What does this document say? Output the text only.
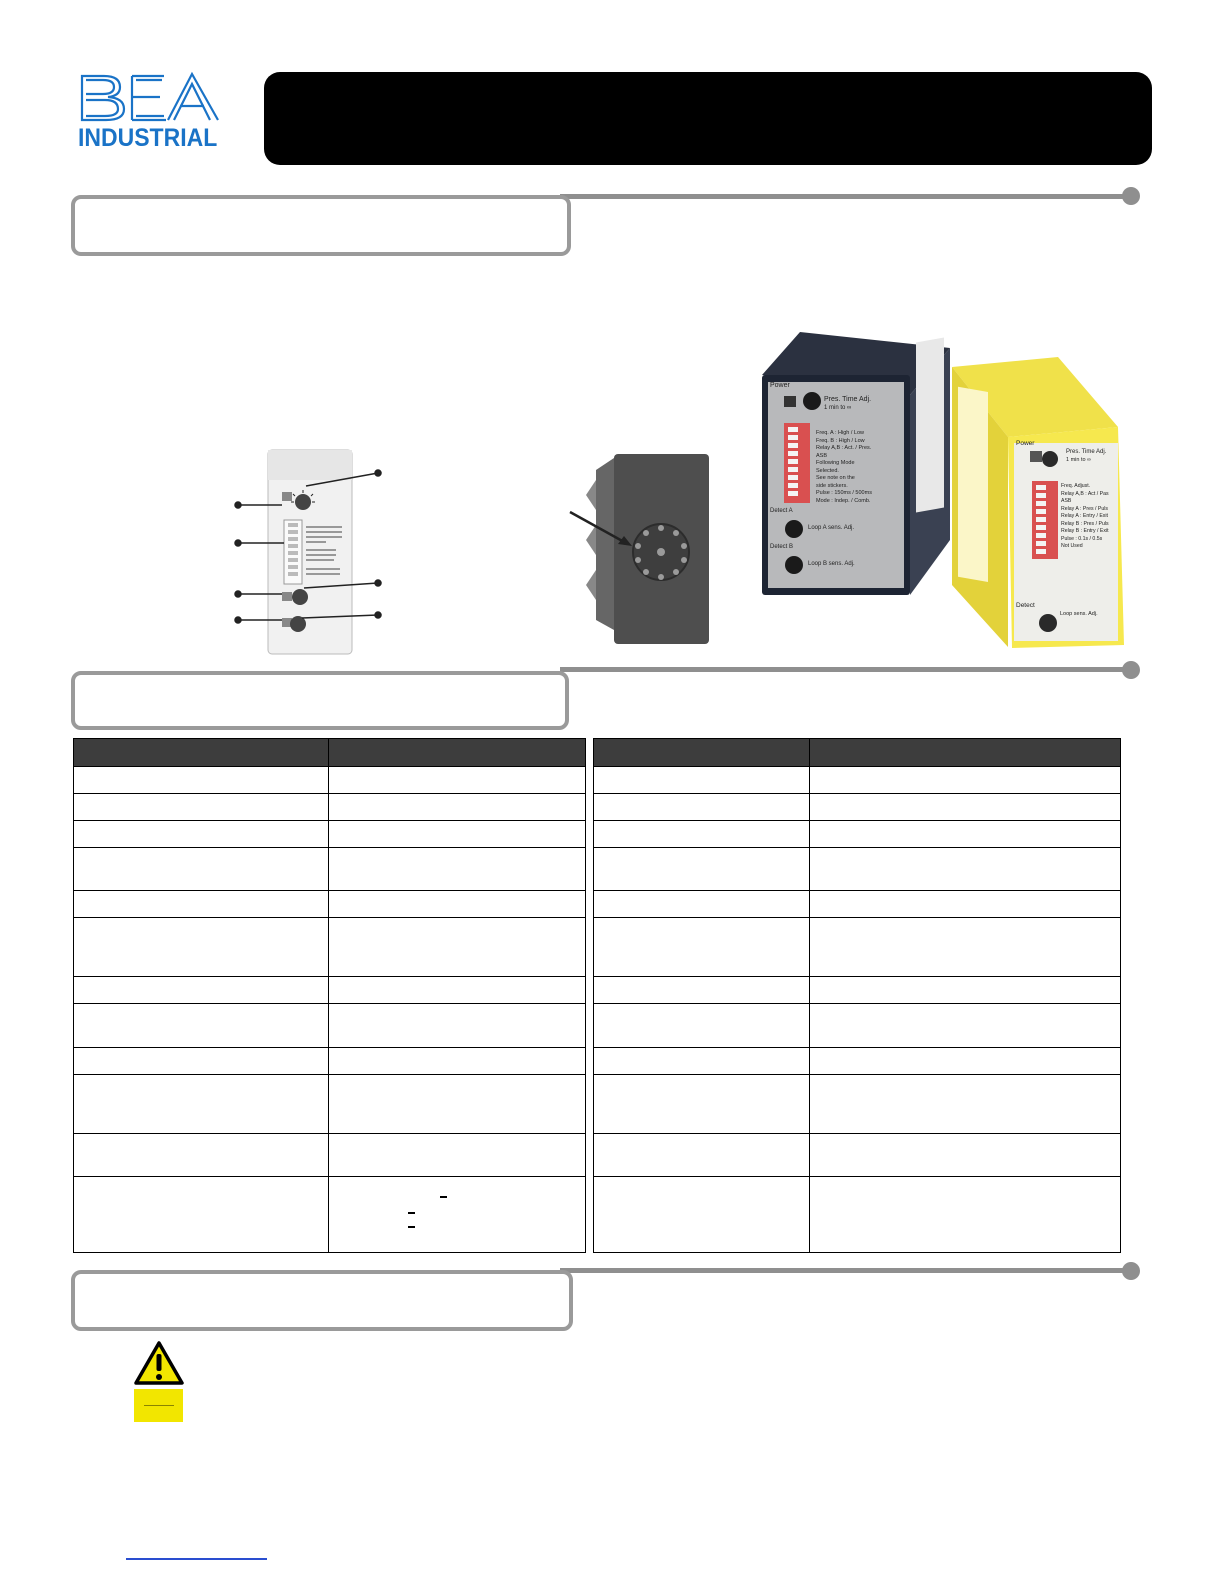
INDUSTRIAL
Power
Pres. Time Adj.
1 min to ∞
Freq. A : High / Low
Freq. B : High / Low
Relay A,B : Act. / Pres.
ASB
Following Mode
Selected.
See note on the
side stickers.
Pulse : 150ms / 500ms
Mode : Indep. / Comb.
Detect A
Loop A sens. Adj.
Detect B
Loop B sens. Adj.
Power
Pres. Time Adj.
1 min to ∞
Freq. Adjust.
Relay A,B : Act / Pas
ASB
Relay A : Pres / Puls
Relay A : Entry / Exit
Relay B : Pres / Puls
Relay B : Entry / Exit
Pulse : 0.1s / 0.5s
Not Used
Detect
Loop sens. Adj.
